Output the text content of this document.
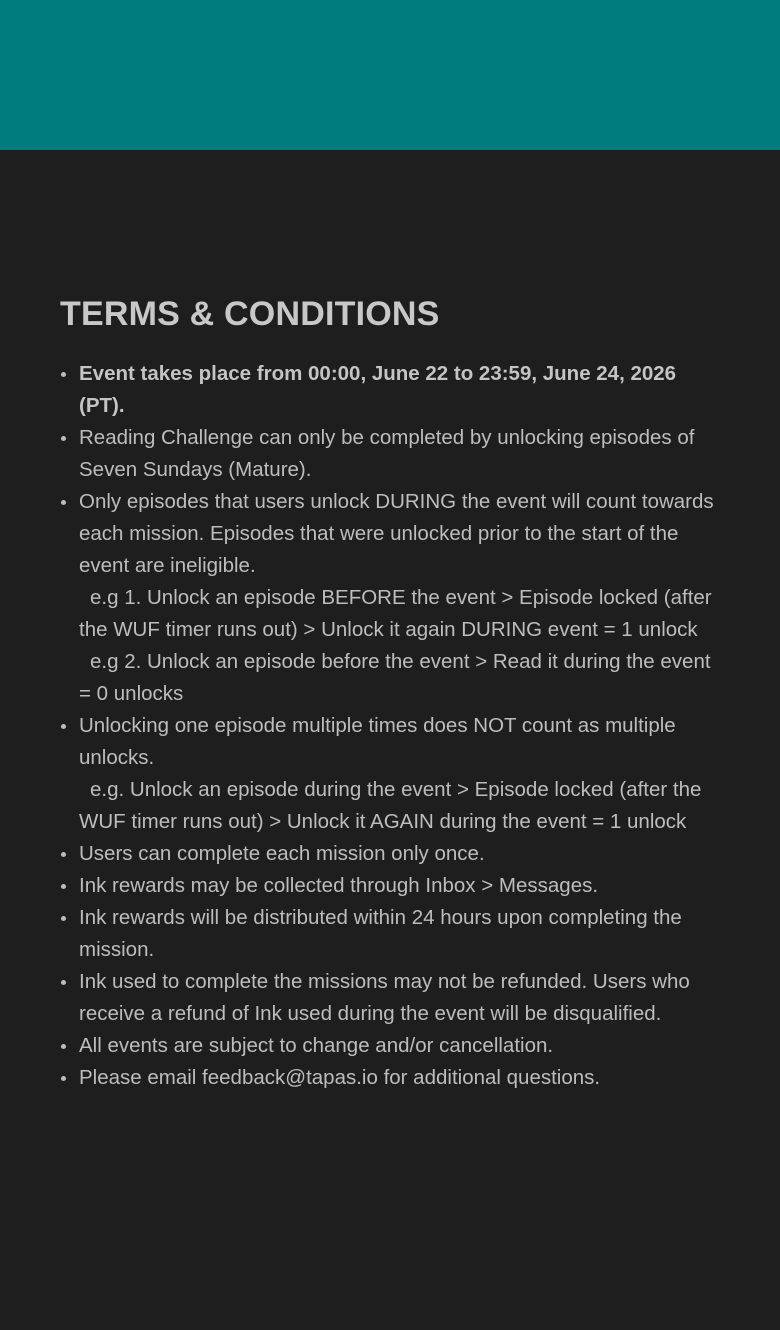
TERMS & CONDITIONS
Event takes place from 00:00, June 22 to 23:59, June 24, 2026 (PT).
Reading Challenge can only be completed by unlocking episodes of Seven Sundays (Mature).
Only episodes that users unlock DURING the event will count towards each mission. Episodes that were unlocked prior to the start of the event are ineligible.
e.g 1. Unlock an episode BEFORE the event > Episode locked (after the WUF timer runs out) > Unlock it again DURING event = 1 unlock
e.g 2. Unlock an episode before the event > Read it during the event = 0 unlocks
Unlocking one episode multiple times does NOT count as multiple unlocks.
e.g. Unlock an episode during the event > Episode locked (after the WUF timer runs out) > Unlock it AGAIN during the event = 1 unlock
Users can complete each mission only once.
Ink rewards may be collected through Inbox > Messages.
Ink rewards will be distributed within 24 hours upon completing the mission.
Ink used to complete the missions may not be refunded. Users who receive a refund of Ink used during the event will be disqualified.
All events are subject to change and/or cancellation.
Please email feedback@tapas.io for additional questions.
